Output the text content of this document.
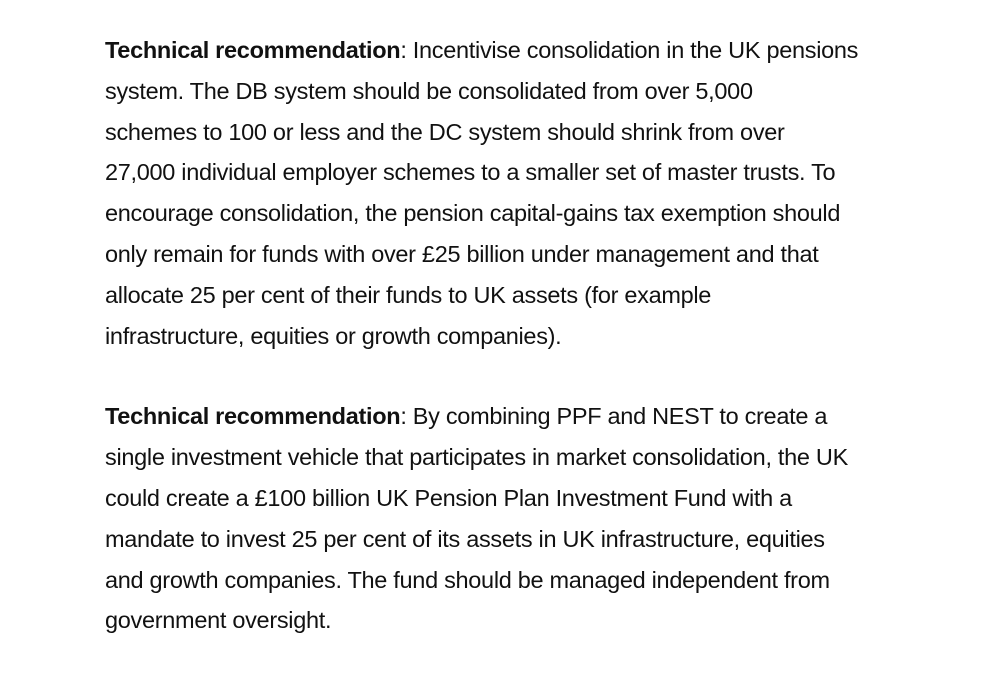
Technical recommendation: Incentivise consolidation in the UK pensions
system. The DB system should be consolidated from over 5,000
schemes to 100 or less and the DC system should shrink from over
27,000 individual employer schemes to a smaller set of master trusts. To
encourage consolidation, the pension capital-gains tax exemption should
only remain for funds with over £25 billion under management and that
allocate 25 per cent of their funds to UK assets (for example
infrastructure, equities or growth companies).

Technical recommendation: By combining PPF and NEST to create a
single investment vehicle that participates in market consolidation, the UK
could create a £100 billion UK Pension Plan Investment Fund with a
mandate to invest 25 per cent of its assets in UK infrastructure, equities
and growth companies. The fund should be managed independent from
government oversight.
